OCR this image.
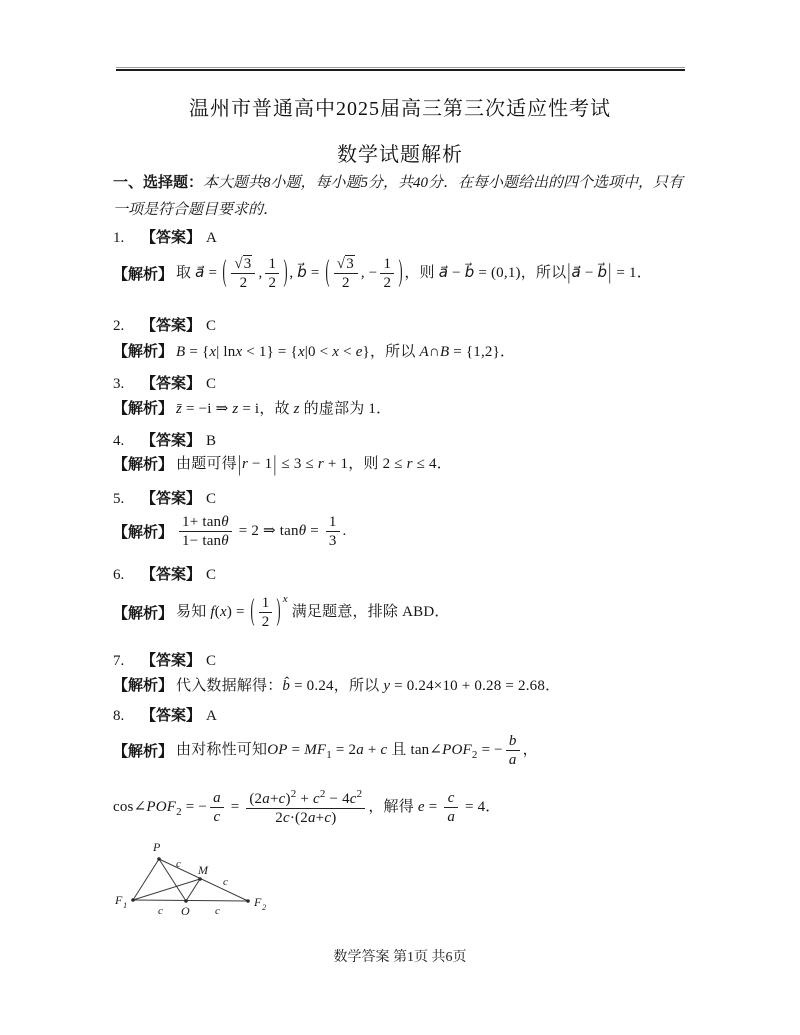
温州市普通高中2025届高三第三次适应性考试
数学试题解析
一、选择题：本大题共8小题，每小题5分，共40分．在每小题给出的四个选项中，只有一项是符合题目要求的．
1. 【答案】 A
【解析】 取 a⃗ = ( $\frac{√3}{2}$ , $\frac{1}{2}$ ) , b⃗ = ( $\frac{√3}{2}$ , − $\frac{1}{2}$ ) ，则 a⃗ − b⃗ = (0,1)，所以|a⃗ − b⃗| = 1．
2. 【答案】 C
【解析】 B = {x| lnx < 1} = {x|0 < x < e}，所以 A∩B = {1,2}．
3. 【答案】 C
【解析】 z̄ = −i ⇒ z = i，故 z 的虚部为 1．
4. 【答案】 B
【解析】 由题可得|r − 1| ≤ 3 ≤ r + 1，则 2 ≤ r ≤ 4．
5. 【答案】 C
【解析】 $\frac{1+ \tan\theta}{1- \tan\theta} = 2$ ⇒ $\tan\theta = \frac{1}{3}$ .
6. 【答案】 C
【解析】 易知 f(x) = ( $\frac{1}{2}$ ) $^x$ 满足题意，排除 ABD．
7. 【答案】 C
【解析】 代入数据解得：b̂ = 0.24，所以 y = 0.24×10 + 0.28 = 2.68．
8. 【答案】 A
【解析】 由对称性可知OP = $MF_1 = 2a + c$ 且 $\tan\angle POF_2$ = − $\frac{b}{a}$ ，
$\cos\angle POF_2$ = − $\frac{a}{c} = \frac{(2a+c)^2 + c^2 - 4c^2}{2c\cdot(2a+c)}$ ，解得 $e = \frac{c}{a} = 4$．
P
M
O
F 1	F 2
c
c
c	c
数学答案 第1页 共6页
